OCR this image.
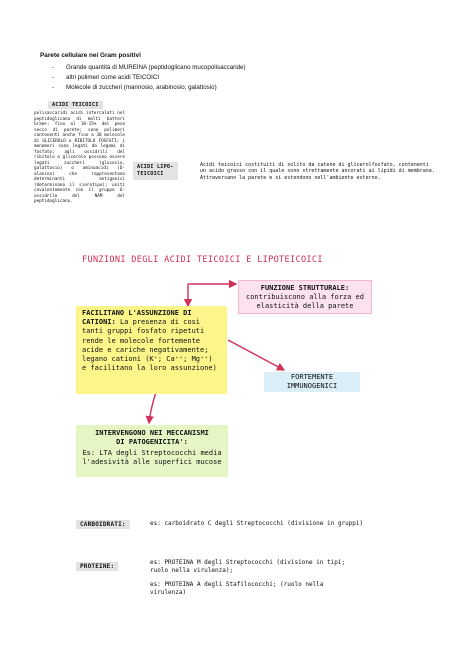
Parete cellulare nei Gram positivi
- Grande quantità di MUREINA (peptidoglicano mucopolisaccaride)
- altri polimeri come acidi TEICOICI
- Molecole di zuccheri (mannosio, arabinosio, galattosio)
ACIDI TEICOICI
polisaccaridi acidi intercalati nel peptidoglicano di molti batteri Gram+; fino al 10-15% del peso secco di parete; sono polimeri contenenti anche fino a 30 molecole di GLICEROLO o RIBITOLO FOSFATI; i monomeri sono legati da legami di fosfato; agli ossidrili del ribitolo o glicerolo possono essere legati zuccheri (glucosio, galattosio) o aminoacidi (D-alanina) che rappresentano determinanti antigenici (determinano il sierotipo); uniti covalentemente con il gruppo 6-ossidrile del NAM del peptidoglicano.
ACIDI LIPO-
TEICOICI
Acidi teicoici costituiti di solito da catene di glicerolfosfato, contenenti un acido grasso con il quale sono strettamente ancorati ai lipidi di membrana. Attraversano la parete e si estendono nell'ambiente esterno.
FUNZIONI DEGLI ACIDI TEICOICI E LIPOTEICOICI
FUNZIONE STRUTTURALE:
contribuiscono alla forza ed elasticità della parete
FACILITANO L'ASSUNZIONE DI CATIONI: La presenza di così tanti gruppi fosfato ripetuti rende le molecole fortemente acide e cariche negativamente; legano cationi (K⁺; Ca⁺⁺; Mg⁺⁺) e facilitano la loro assunzione)
FORTEMENTE
IMMUNOGENICI
INTERVENGONO NEI MECCANISMI
DI PATOGENICITA':
Es: LTA degli Streptococchi media
l'adesività alle superfici mucose
CARBOIDRATI:	es: carboidrato C degli Streptococchi (divisione in gruppi)
PROTEINE:
es: PROTEINA M degli Streptococchi (divisione in tipi; ruolo nella virulenza);
es: PROTEINA A degli Stafilococchi; (ruolo nella virulenza)
